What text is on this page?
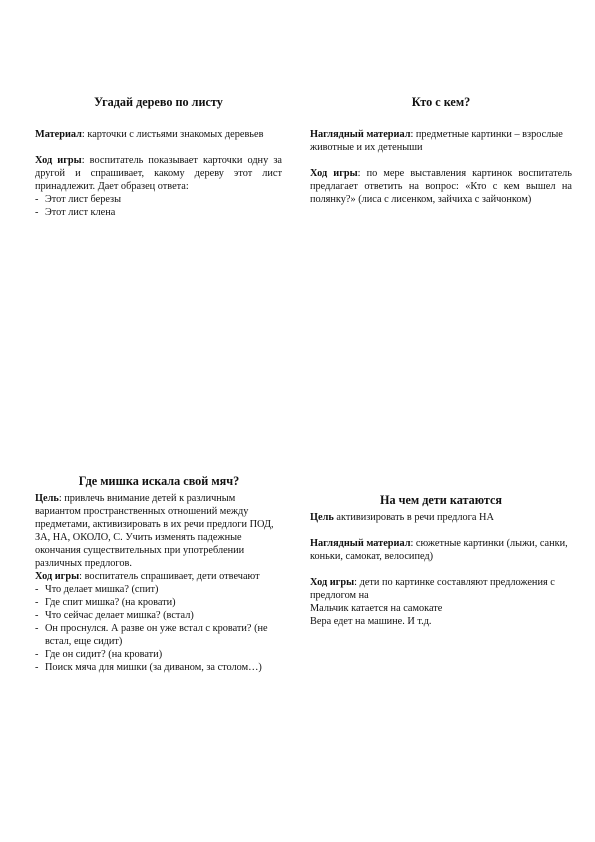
Угадай дерево по листу

Материал: карточки с листьями знакомых деревьев

Ход игры: воспитатель показывает карточки одну за другой и спрашивает, какому дереву этот лист принадлежит. Дает образец ответа:

- Этот лист березы
- Этот лист клена
Кто с кем?

Наглядный материал: предметные картинки – взрослые животные и их детеныши

Ход игры: по мере выставления картинок воспитатель предлагает ответить на вопрос: «Кто с кем вышел на полянку?» (лиса с лисенком, зайчиха с зайчонком)

Где мишка искала свой мяч?

Цель: привлечь внимание детей к различным вариантом пространственных отношений между предметами, активизировать в их речи предлоги ПОД, ЗА, НА, ОКОЛО, С. Учить изменять падежные окончания существительных при употреблении различных предлогов.

Ход игры: воспитатель спрашивает, дети отвечают

- Что делает мишка? (спит)
- Где спит мишка? (на кровати)
- Что сейчас делает мишка? (встал)
- Он проснулся. А разве он уже встал с кровати? (не встал, еще сидит)
- Где он сидит? (на кровати)
- Поиск мяча для мишки (за диваном, за столом…)
На чем дети катаются

Цель активизировать в речи предлога НА

Наглядный материал: сюжетные картинки (лыжи, санки, коньки, самокат, велосипед)

Ход игры: дети по картинке составляют предложения с предлогом на

Мальчик катается на самокате

Вера едет на машине. И т.д.
